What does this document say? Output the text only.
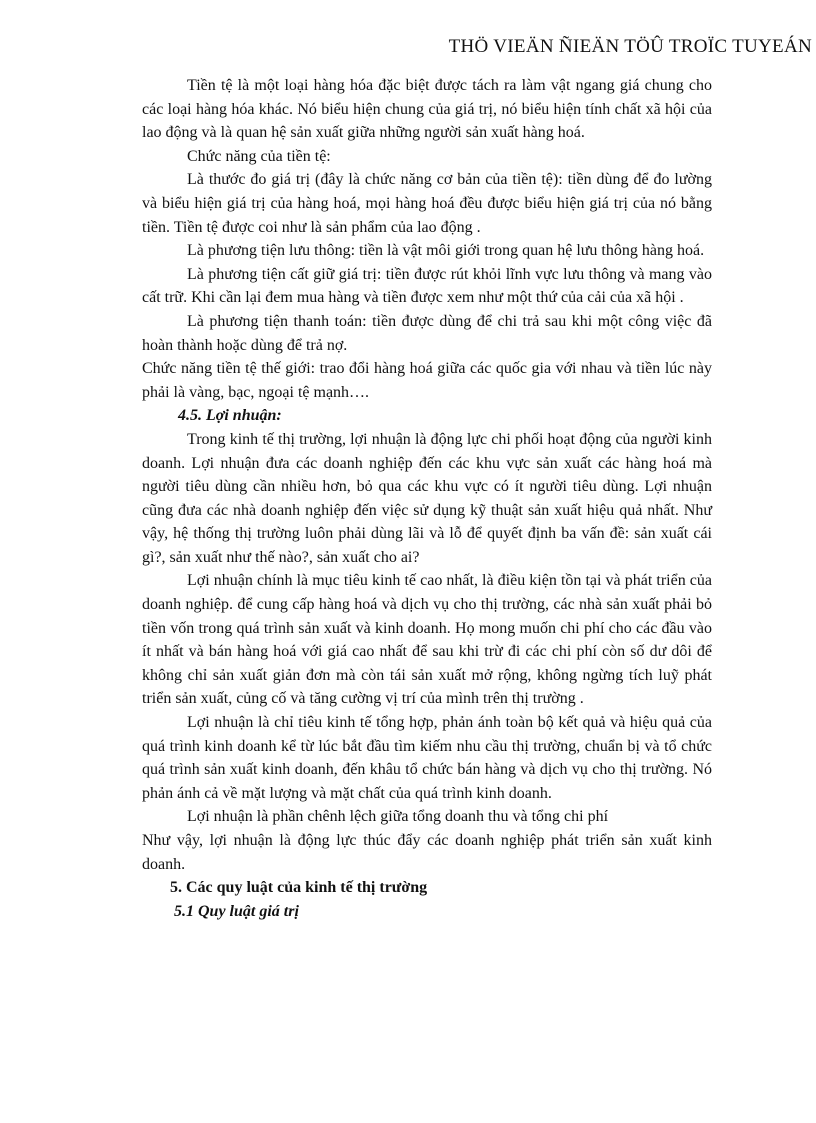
THÖ VIEÄN ÑIEÄN TÖÛ TROÏC TUYEÁN

Tiền tệ là một loại hàng hóa đặc biệt được tách ra làm vật ngang giá chung cho các loại hàng hóa khác. Nó biểu hiện chung của giá trị, nó biểu hiện tính chất xã hội của lao động và là quan hệ sản xuất giữa những người sản xuất hàng hoá.

Chức năng của tiền tệ:

Là thước đo giá trị (đây là chức năng cơ bản của tiền tệ): tiền dùng để đo lường và biểu hiện giá trị của hàng hoá, mọi hàng hoá đều được biểu hiện giá trị của nó bằng tiền. Tiền tệ được coi như là sản phẩm của lao động .

Là phương tiện lưu thông: tiền là vật môi giới trong quan hệ lưu thông hàng hoá.

Là phương tiện cất giữ giá trị: tiền được rút khỏi lĩnh vực lưu thông và mang vào cất trữ. Khi cần lại đem mua hàng và tiền được xem như một thứ của cải của xã hội .

Là phương tiện thanh toán: tiền được dùng để chi trả sau khi một công việc đã hoàn thành hoặc dùng để trả nợ.

Chức năng tiền tệ thế giới: trao đổi hàng hoá giữa các quốc gia với nhau và tiền lúc này phải là vàng, bạc, ngoại tệ mạnh….

4.5. Lợi nhuận:

Trong kinh tế thị trường, lợi nhuận là động lực chi phối hoạt động của người kinh doanh. Lợi nhuận đưa các doanh nghiệp đến các khu vực sản xuất các hàng hoá mà người tiêu dùng cần nhiều hơn, bỏ qua các khu vực có ít người tiêu dùng. Lợi nhuận cũng đưa các nhà doanh nghiệp đến việc sử dụng kỹ thuật sản xuất hiệu quả nhất. Như vậy, hệ thống thị trường luôn phải dùng lãi và lỗ để quyết định ba vấn đề: sản xuất cái gì?, sản xuất như thế nào?, sản xuất cho ai?

Lợi nhuận chính là mục tiêu kinh tế cao nhất, là điều kiện tồn tại và phát triển của doanh nghiệp. để cung cấp hàng hoá và dịch vụ cho thị trường, các nhà sản xuất phải bỏ tiền vốn trong quá trình sản xuất và kinh doanh. Họ mong muốn chi phí cho các đầu vào ít nhất và bán hàng hoá với giá cao nhất để sau khi trừ đi các chi phí còn số dư dôi để không chỉ sản xuất giản đơn mà còn tái sản xuất mở rộng, không ngừng tích luỹ phát triển sản xuất, củng cố và tăng cường vị trí của mình trên thị trường .

Lợi nhuận là chỉ tiêu kinh tế tổng hợp, phản ánh toàn bộ kết quả và hiệu quả của quá trình kinh doanh kể từ lúc bắt đầu tìm kiếm nhu cầu thị trường, chuẩn bị và tổ chức quá trình sản xuất kinh doanh, đến khâu tổ chức bán hàng và dịch vụ cho thị trường. Nó phản ánh cả về mặt lượng và mặt chất của quá trình kinh doanh.

Lợi nhuận là phần chênh lệch giữa tổng doanh thu và tổng chi phí

Như vậy, lợi nhuận là động lực thúc đẩy các doanh nghiệp phát triển sản xuất kinh doanh.

5. Các quy luật của kinh tế thị trường

5.1 Quy luật giá trị
